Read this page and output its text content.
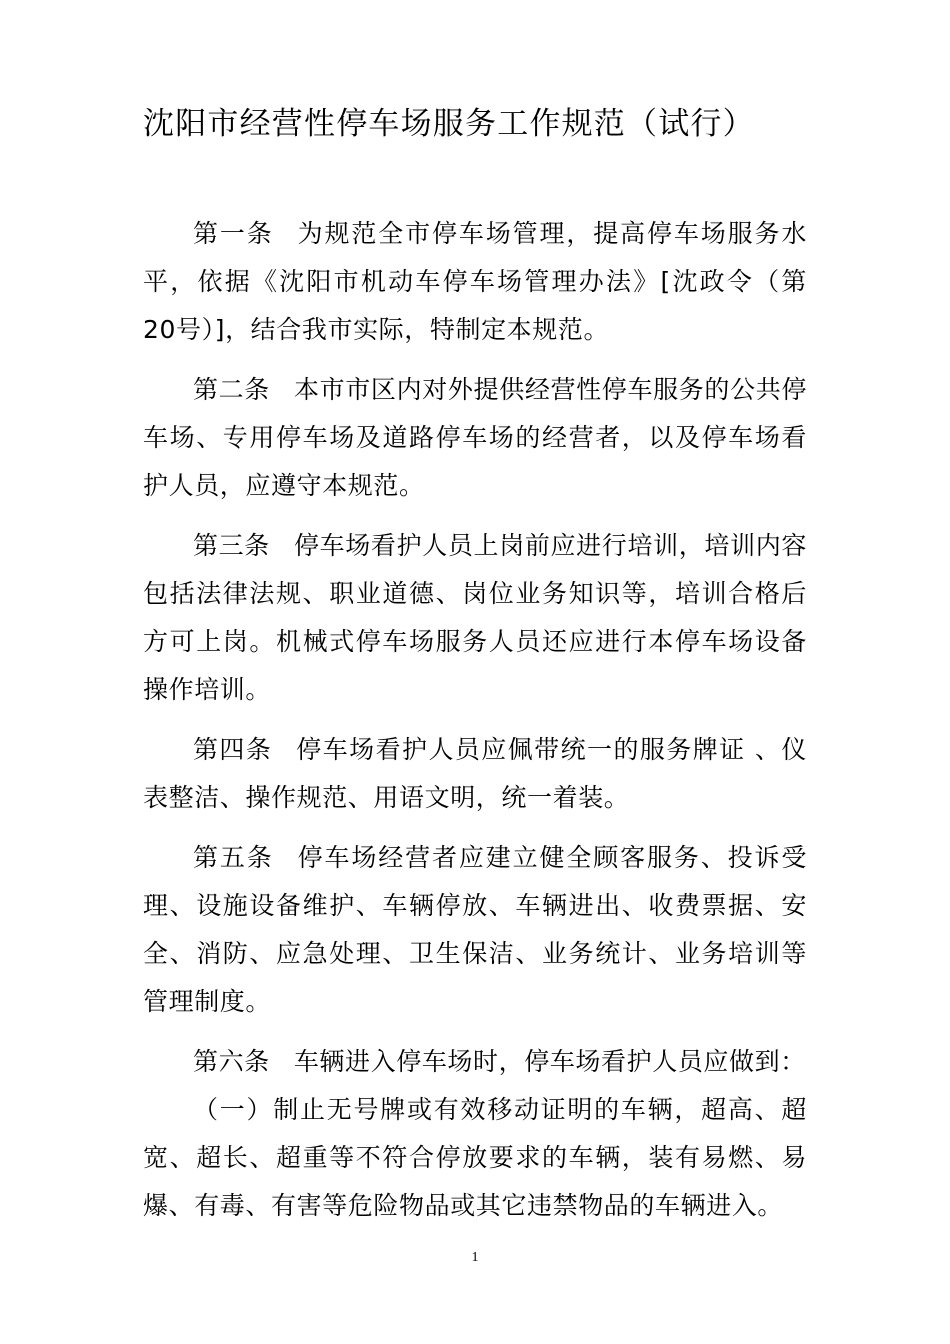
沈阳市经营性停车场服务工作规范（试行）

第一条 为规范全市停车场管理，提高停车场服务水平，依据《沈阳市机动车停车场管理办法》[沈政令（第 20号）]，结合我市实际，特制定本规范。

第二条 本市市区内对外提供经营性停车服务的公共停车场、专用停车场及道路停车场的经营者，以及停车场看护人员，应遵守本规范。

第三条 停车场看护人员上岗前应进行培训，培训内容包括法律法规、职业道德、岗位业务知识等，培训合格后方可上岗。机械式停车场服务人员还应进行本停车场设备操作培训。

第四条 停车场看护人员应佩带统一的服务牌证 、仪表整洁、操作规范、用语文明，统一着装。

第五条 停车场经营者应建立健全顾客服务、投诉受理、设施设备维护、车辆停放、车辆进出、收费票据、安全、消防、应急处理、卫生保洁、业务统计、业务培训等管理制度。

第六条 车辆进入停车场时，停车场看护人员应做到：

（一）制止无号牌或有效移动证明的车辆，超高、超宽、超长、超重等不符合停放要求的车辆，装有易燃、易爆、有毒、有害等危险物品或其它违禁物品的车辆进入。

1
